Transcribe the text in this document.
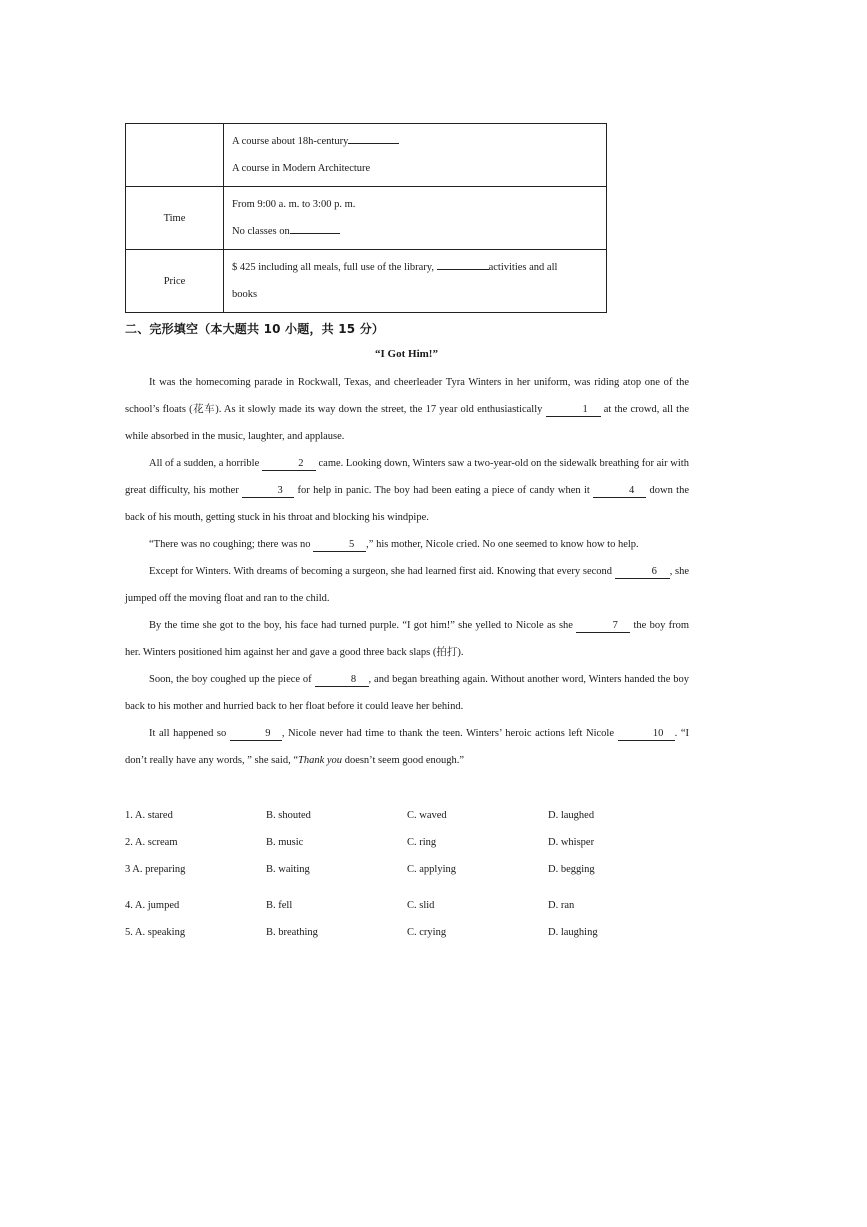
	A course about 18h-century
A course in Modern Architecture

Time	From 9:00 a. m. to 3:00 p. m.
No classes on

Price	$ 425 including all meals, full use of the library, activities and all
books
二、完形填空（本大题共 10 小题，共 15 分）
“I Got Him!”

It was the homecoming parade in Rockwall, Texas, and cheerleader Tyra Winters in her uniform, was riding atop one of the school’s floats (花车). As it slowly made its way down the street, the 17 year old enthusiastically	1 at the crowd, all the while absorbed in the music, laughter, and applause.

All of a sudden, a horrible	2 came. Looking down, Winters saw a two-year-old on the sidewalk breathing for air with great difficulty, his mother	3 for help in panic. The boy had been eating a piece of candy when it	4 down the back of his mouth, getting stuck in his throat and blocking his windpipe.

“There was no coughing; there was no	5 ,” his mother, Nicole cried. No one seemed to know how to help.

Except for Winters. With dreams of becoming a surgeon, she had learned first aid. Knowing that every second	6 , she jumped off the moving float and ran to the child.

By the time she got to the boy, his face had turned purple. “I got him!” she yelled to Nicole as she	7 the boy from her. Winters positioned him against her and gave a good three back slaps (拍打).

Soon, the boy coughed up the piece of	8 , and began breathing again. Without another word, Winters handed the boy back to his mother and hurried back to her float before it could leave her behind.

It all happened so	9 , Nicole never had time to thank the teen. Winters’ heroic actions left Nicole	10 . “I don’t really have any words, ” she said, “Thank you doesn’t seem good enough.”

1. A. stared	B. shouted	C. waved	D. laughed
2. A. scream	B. music	C. ring	D. whisper
3 A. preparing	B. waiting	C. applying	D. begging
4. A. jumped	B. fell	C. slid	D. ran
5. A. speaking	B. breathing	C. crying	D. laughing
